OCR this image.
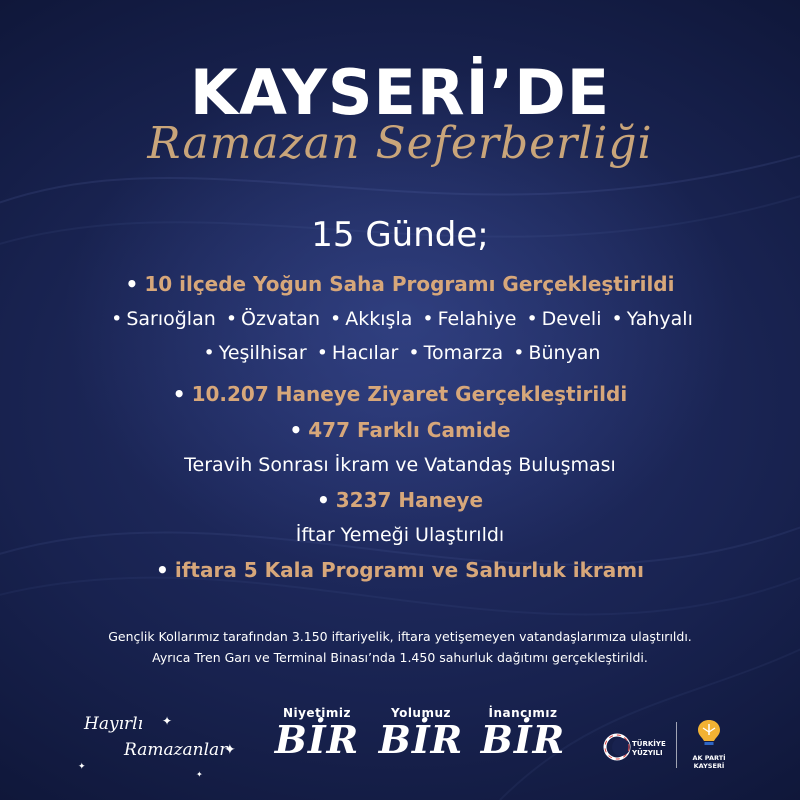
KAYSERİ’DE
Ramazan Seferberliği
15 Günde;
• 10 ilçede Yoğun Saha Programı Gerçekleştirildi
• Sarıoğlan • Özvatan • Akkışla • Felahiye • Develi • Yahyalı
• Yeşilhisar • Hacılar • Tomarza • Bünyan
• 10.207 Haneye Ziyaret Gerçekleştirildi
• 477 Farklı Camide
Teravih Sonrası İkram ve Vatandaş Buluşması
• 3237 Haneye
İftar Yemeği Ulaştırıldı
• iftara 5 Kala Programı ve Sahurluk ikramı
Gençlik Kollarımız tarafından 3.150 iftariyelik, iftara yetişemeyen vatandaşlarımıza ulaştırıldı.
Ayrıca Tren Garı ve Terminal Binası’nda 1.450 sahurluk dağıtımı gerçekleştirildi.
✦
✦
✦
✦
Hayırlı
Ramazanlar
Niyetimiz
BİR
Yolumuz
BİR
İnancımız
BİR	TÜRKİYE
YÜZYILI
AK PARTİ
KAYSERİ
